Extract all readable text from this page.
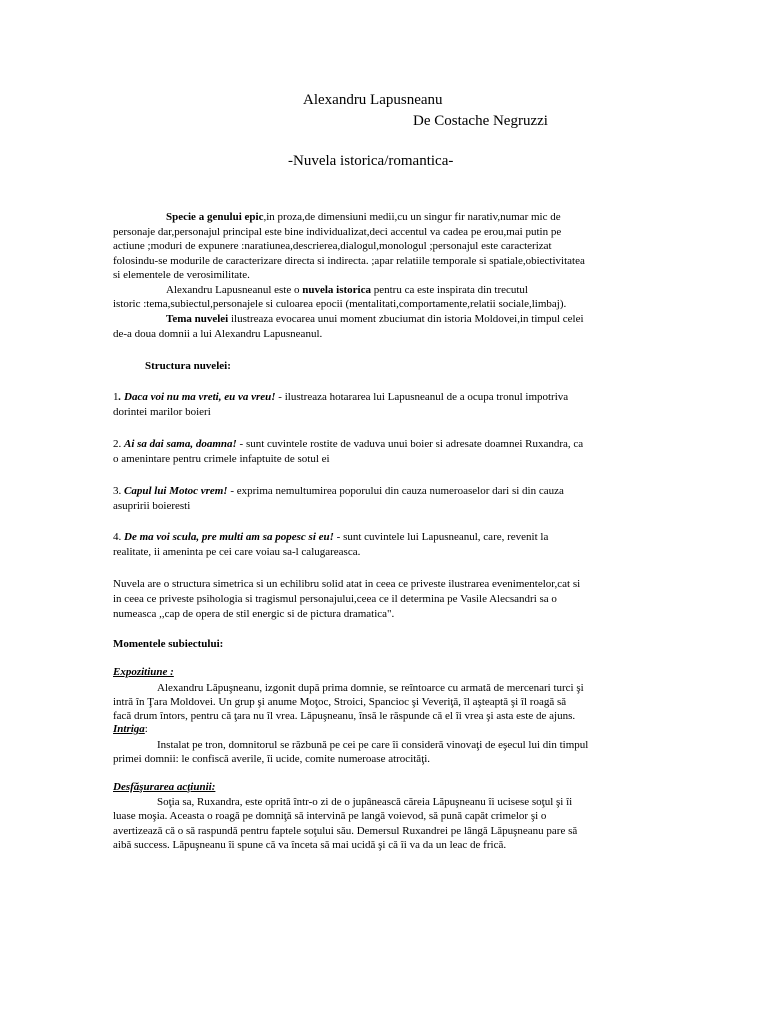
Alexandru Lapusneanu
De Costache Negruzzi
-Nuvela istorica/romantica-
Specie a genului epic,in proza,de dimensiuni medii,cu un singur fir narativ,numar mic de
personaje dar,personajul principal este bine individualizat,deci accentul va cadea pe erou,mai putin pe
actiune ;moduri de expunere :naratiunea,descrierea,dialogul,monologul ;personajul este caracterizat
folosindu-se modurile de caracterizare directa si indirecta. ;apar relatiile temporale si spatiale,obiectivitatea
si elementele de verosimilitate.
Alexandru Lapusneanul este o nuvela istorica pentru ca este inspirata din trecutul
istoric :tema,subiectul,personajele si culoarea epocii (mentalitati,comportamente,relatii sociale,limbaj).
Tema nuvelei ilustreaza evocarea unui moment zbuciumat din istoria Moldovei,in timpul celei
de-a doua domnii a lui Alexandru Lapusneanul.
Structura nuvelei:
1. Daca voi nu ma vreti, eu va vreu! - ilustreaza hotararea lui Lapusneanul de a ocupa tronul impotriva
dorintei marilor boieri
2. Ai sa dai sama, doamna! - sunt cuvintele rostite de vaduva unui boier si adresate doamnei Ruxandra, ca
o amenintare pentru crimele infaptuite de sotul ei
3. Capul lui Motoc vrem! - exprima nemultumirea poporului din cauza numeroaselor dari si din cauza
asupririi boieresti
4. De ma voi scula, pre multi am sa popesc si eu! - sunt cuvintele lui Lapusneanul, care, revenit la
realitate, ii ameninta pe cei care voiau sa-l calugareasca.
Nuvela are o structura simetrica si un echilibru solid atat in ceea ce priveste ilustrarea evenimentelor,cat si
in ceea ce priveste psihologia si tragismul personajului,ceea ce il determina pe Vasile Alecsandri sa o
numeasca ,,cap de opera de stil energic si de pictura dramatica".
Momentele subiectului:
Expozitiune :
Alexandru Lăpuşneanu, izgonit după prima domnie, se reîntoarce cu armată de mercenari turci şi
intră în Ţara Moldovei. Un grup şi anume Moţoc, Stroici, Spancioc şi Veveriţă, îl aşteaptă şi îl roagă să
facă drum întors, pentru că ţara nu îl vrea. Lăpuşneanu, însă le răspunde că el îi vrea şi asta este de ajuns.
Intriga:
Instalat pe tron, domnitorul se răzbună pe cei pe care îi consideră vinovaţi de eşecul lui din timpul
primei domnii: le confiscă averile, îi ucide, comite numeroase atrocităţi.
Desfăşurarea acţiunii:
Soţia sa, Ruxandra, este oprită într-o zi de o jupânească căreia Lăpuşneanu îi ucisese soţul şi îi
luase moşia. Aceasta o roagă pe domniţă să intervină pe langă voievod, să pună capăt crimelor şi o
avertizează că o să raspundă pentru faptele soţului său. Demersul Ruxandrei pe lângă Lăpuşneanu pare să
aibă success. Lăpuşneanu îi spune că va înceta să mai ucidă şi că îi va da un leac de frică.
